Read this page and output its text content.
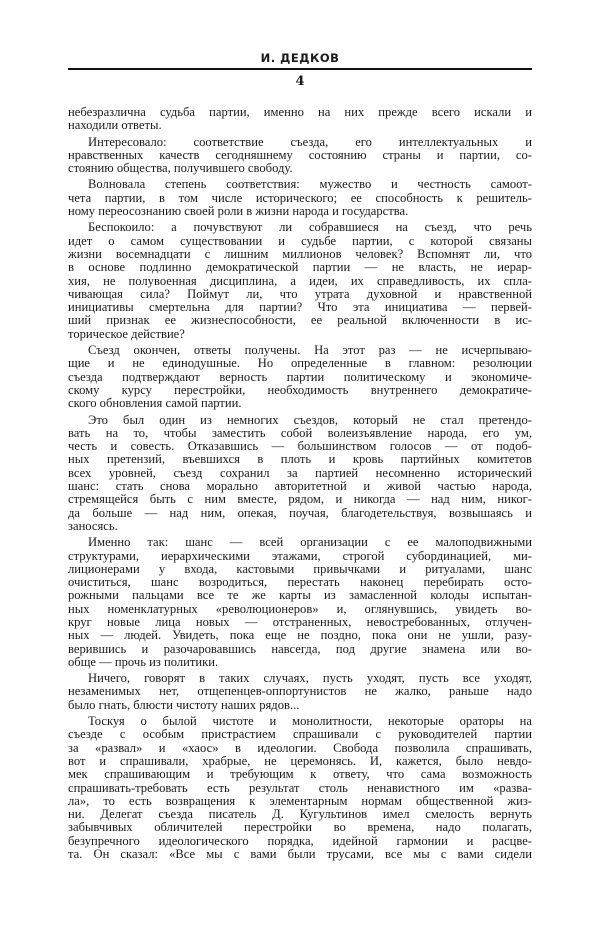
И. ДЕДКОВ
4
небезразлична судьба партии, именно на них прежде всего искали и
находили ответы.
Интересовало: соответствие съезда, его интеллектуальных и
нравственных качеств сегодняшнему состоянию страны и партии, со-
стоянию общества, получившего свободу.
Волновала степень соответствия: мужество и честность самоот-
чета партии, в том числе исторического; ее способность к решитель-
ному переосознанию своей роли в жизни народа и государства.
Беспокоило: а почувствуют ли собравшиеся на съезд, что речь
идет о самом существовании и судьбе партии, с которой связаны
жизни восемнадцати с лишним миллионов человек? Вспомнят ли, что
в основе подлинно демократической партии — не власть, не иерар-
хия, не полувоенная дисциплина, а идеи, их справедливость, их спла-
чивающая сила? Поймут ли, что утрата духовной и нравственной
инициативы смертельна для партии? Что эта инициатива — первей-
ший признак ее жизнеспособности, ее реальной включенности в ис-
торическое действие?
Съезд окончен, ответы получены. На этот раз — не исчерпываю-
щие и не единодушные. Но определенные в главном: резолюции
съезда подтверждают верность партии политическому и экономиче-
скому курсу перестройки, необходимость внутреннего демократиче-
ского обновления самой партии.
Это был один из немногих съездов, который не стал претендо-
вать на то, чтобы заместить собой волеизъявление народа, его ум,
честь и совесть. Отказавшись — большинством голосов — от подоб-
ных претензий, въевшихся в плоть и кровь партийных комитетов
всех уровней, съезд сохранил за партией несомненно исторический
шанс: стать снова морально авторитетной и живой частью народа,
стремящейся быть с ним вместе, рядом, и никогда — над ним, никог-
да больше — над ним, опекая, поучая, благодетельствуя, возвышаясь и
заносясь.
Именно так: шанс — всей организации с ее малоподвижными
структурами, иерархическими этажами, строгой субординацией, ми-
лиционерами у входа, кастовыми привычками и ритуалами, шанс
очиститься, шанс возродиться, перестать наконец перебирать осто-
рожными пальцами все те же карты из замасленной колоды испытан-
ных номенклатурных «революционеров» и, оглянувшись, увидеть во-
круг новые лица новых — отстраненных, невостребованных, отлучен-
ных — людей. Увидеть, пока еще не поздно, пока они не ушли, разу-
верившись и разочаровавшись навсегда, под другие знамена или во-
обще — прочь из политики.
Ничего, говорят в таких случаях, пусть уходят, пусть все уходят,
незаменимых нет, отщепенцев-оппортунистов не жалко, раньше надо
было гнать, блюсти чистоту наших рядов...
Тоскуя о былой чистоте и монолитности, некоторые ораторы на
съезде с особым пристрастием спрашивали с руководителей партии
за «развал» и «хаос» в идеологии. Свобода позволила спрашивать,
вот и спрашивали, храбрые, не церемонясь. И, кажется, было невдо-
мек спрашивающим и требующим к ответу, что сама возможность
спрашивать-требовать есть результат столь ненавистного им «развa-
ла», то есть возвращения к элементарным нормам общественной жиз-
ни. Делегат съезда писатель Д. Кугультинов имел смелость вернуть
забывчивых обличителей перестройки во времена, надо полагать,
безупречного идеологического порядка, идейной гармонии и расцве-
та. Он сказал: «Все мы с вами были трусами, все мы с вами сидели
